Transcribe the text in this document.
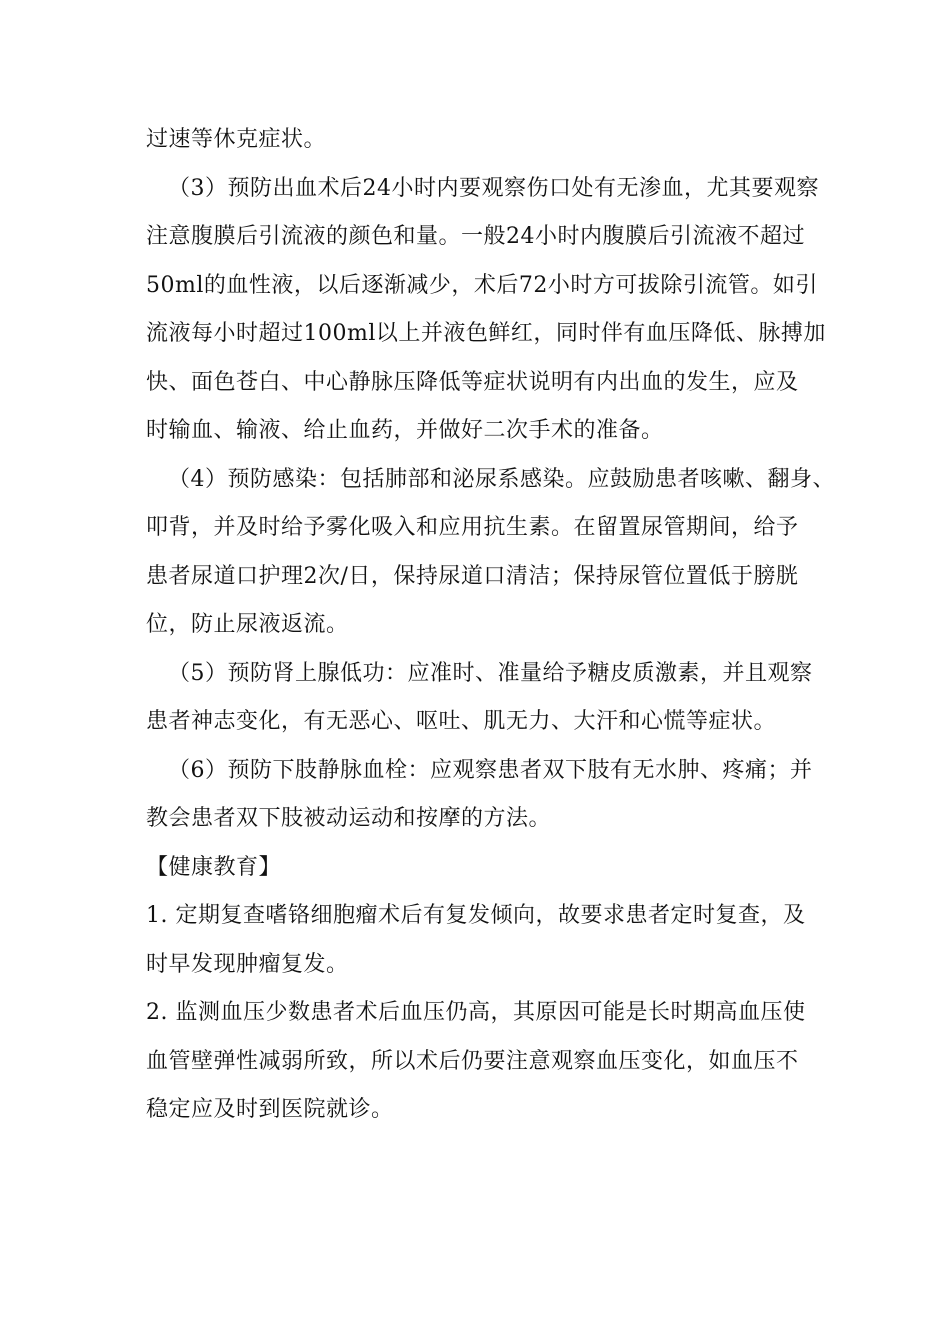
过速等休克症状。
（3）预防出血术后24小时内要观察伤口处有无渗血，尤其要观察
注意腹膜后引流液的颜色和量。一般24小时内腹膜后引流液不超过
50ml的血性液，以后逐渐减少，术后72小时方可拔除引流管。如引
流液每小时超过100ml以上并液色鲜红，同时伴有血压降低、脉搏加
快、面色苍白、中心静脉压降低等症状说明有内出血的发生，应及
时输血、输液、给止血药，并做好二次手术的准备。
（4）预防感染：包括肺部和泌尿系感染。应鼓励患者咳嗽、翻身、
叩背，并及时给予雾化吸入和应用抗生素。在留置尿管期间，给予
患者尿道口护理2次/日，保持尿道口清洁；保持尿管位置低于膀胱
位，防止尿液返流。
（5）预防肾上腺低功：应准时、准量给予糖皮质激素，并且观察
患者神志变化，有无恶心、呕吐、肌无力、大汗和心慌等症状。
（6）预防下肢静脉血栓：应观察患者双下肢有无水肿、疼痛；并
教会患者双下肢被动运动和按摩的方法。
【健康教育】
1. 定期复查嗜铬细胞瘤术后有复发倾向，故要求患者定时复查，及
时早发现肿瘤复发。
2. 监测血压少数患者术后血压仍高，其原因可能是长时期高血压使
血管壁弹性减弱所致，所以术后仍要注意观察血压变化，如血压不
稳定应及时到医院就诊。
